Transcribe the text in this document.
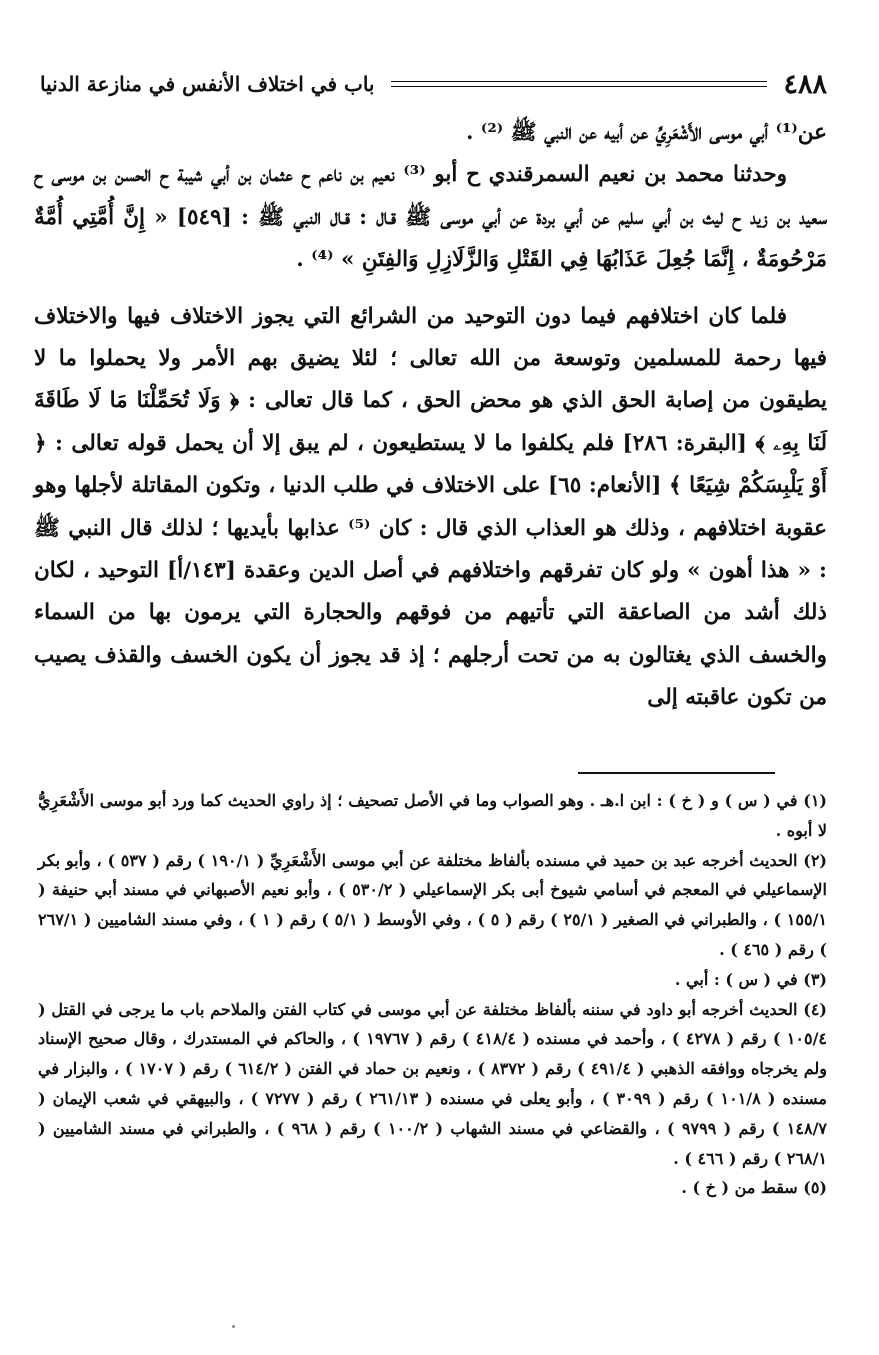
٤٨٨
باب في اختلاف الأنفس في منازعة الدنيا

عن⁽¹⁾ أبي موسى الأَشْعَرِيِّ عن أبيه عن النبي ﷺ ⁽²⁾ .

وحدثنا محمد بن نعيم السمرقندي ح أبو ⁽³⁾ نعيم بن ناعم ح عثمان بن أبي شيبة ح الحسن بن موسى ح سعيد بن زيد ح ليث بن أبي سليم عن أبي بردة عن أبي موسى ﷺ قـال : قـال النبي ﷺ : [٥٤٩] « إِنَّ أُمَّتِي أُمَّةٌ مَرْحُومَةٌ ، إِنَّمَا جُعِلَ عَذَابُهَا فِي القَتْلِ وَالزَّلَازِلِ وَالفِتَنِ » ⁽⁴⁾ .

فلما كان اختلافهم فيما دون التوحيد من الشرائع التي يجوز الاختلاف فيها والاختلاف فيها رحمة للمسلمين وتوسعة من الله تعالى ؛ لئلا يضيق بهم الأمر ولا يحملوا ما لا يطيقون من إصابة الحق الذي هو محض الحق ، كما قال تعالى : ﴿ وَلَا تُحَمِّلْنَا مَا لَا طَاقَةَ لَنَا بِهِۦ ﴾ [البقرة: ٢٨٦] فلم يكلفوا ما لا يستطيعون ، لم يبق إلا أن يحمل قوله تعالى : ﴿ أَوْ يَلْبِسَكُمْ شِيَعًا ﴾ [الأنعام: ٦٥] على الاختلاف في طلب الدنيا ، وتكون المقاتلة لأجلها وهو عقوبة اختلافهم ، وذلك هو العذاب الذي قال : كان ⁽⁵⁾ عذابها بأيديها ؛ لذلك قال النبي ﷺ : « هذا أهون » ولو كان تفرقهم واختلافهم في أصل الدين وعقدة [١٤٣/أ] التوحيد ، لكان ذلك أشد من الصاعقة التي تأتيهم من فوقهم والحجارة التي يرمون بها من السماء والخسف الذي يغتالون به من تحت أرجلهم ؛ إذ قد يجوز أن يكون الخسف والقذف يصيب من تكون عاقبته إلى

(١) في ( س ) و ( خ ) : ابن ا.هـ . وهو الصواب وما في الأصل تصحيف ؛ إذ راوي الحديث كما ورد أبو موسى الأَشْعَرِيُّ لا أبوه .

(٢) الحديث أخرجه عبد بن حميد في مسنده بألفاظ مختلفة عن أبي موسى الأَشْعَرِيِّ ( ١٩٠/١ ) رقم ( ٥٣٧ ) ، وأبو بكر الإسماعيلي في المعجم في أسامي شيوخ أبى بكر الإسماعيلي ( ٥٣٠/٢ ) ، وأبو نعيم الأصبهاني في مسند أبي حنيفة ( ١٥٥/١ ) ، والطبراني في الصغير ( ٢٥/١ ) رقم ( ٥ ) ، وفي الأوسط ( ٥/١ ) رقم ( ١ ) ، وفي مسند الشاميين ( ٢٦٧/١ ) رقم ( ٤٦٥ ) .

(٣) في ( س ) : أبي .

(٤) الحديث أخرجه أبو داود في سننه بألفاظ مختلفة عن أبي موسى في كتاب الفتن والملاحم باب ما يرجى في القتل ( ١٠٥/٤ ) رقم ( ٤٢٧٨ ) ، وأحمد في مسنده ( ٤١٨/٤ ) رقم ( ١٩٧٦٧ ) ، والحاكم في المستدرك ، وقال صحيح الإسناد ولم يخرجاه ووافقه الذهبي ( ٤٩١/٤ ) رقم ( ٨٣٧٢ ) ، ونعيم بن حماد في الفتن ( ٦١٤/٢ ) رقم ( ١٧٠٧ ) ، والبزار في مسنده ( ١٠١/٨ ) رقم ( ٣٠٩٩ ) ، وأبو يعلى في مسنده ( ٢٦١/١٣ ) رقم ( ٧٢٧٧ ) ، والبيهقي في شعب الإيمان ( ١٤٨/٧ ) رقم ( ٩٧٩٩ ) ، والقضاعي في مسند الشهاب ( ١٠٠/٢ ) رقم ( ٩٦٨ ) ، والطبراني في مسند الشاميين ( ٢٦٨/١ ) رقم ( ٤٦٦ ) .

(٥) سقط من ( خ ) .
